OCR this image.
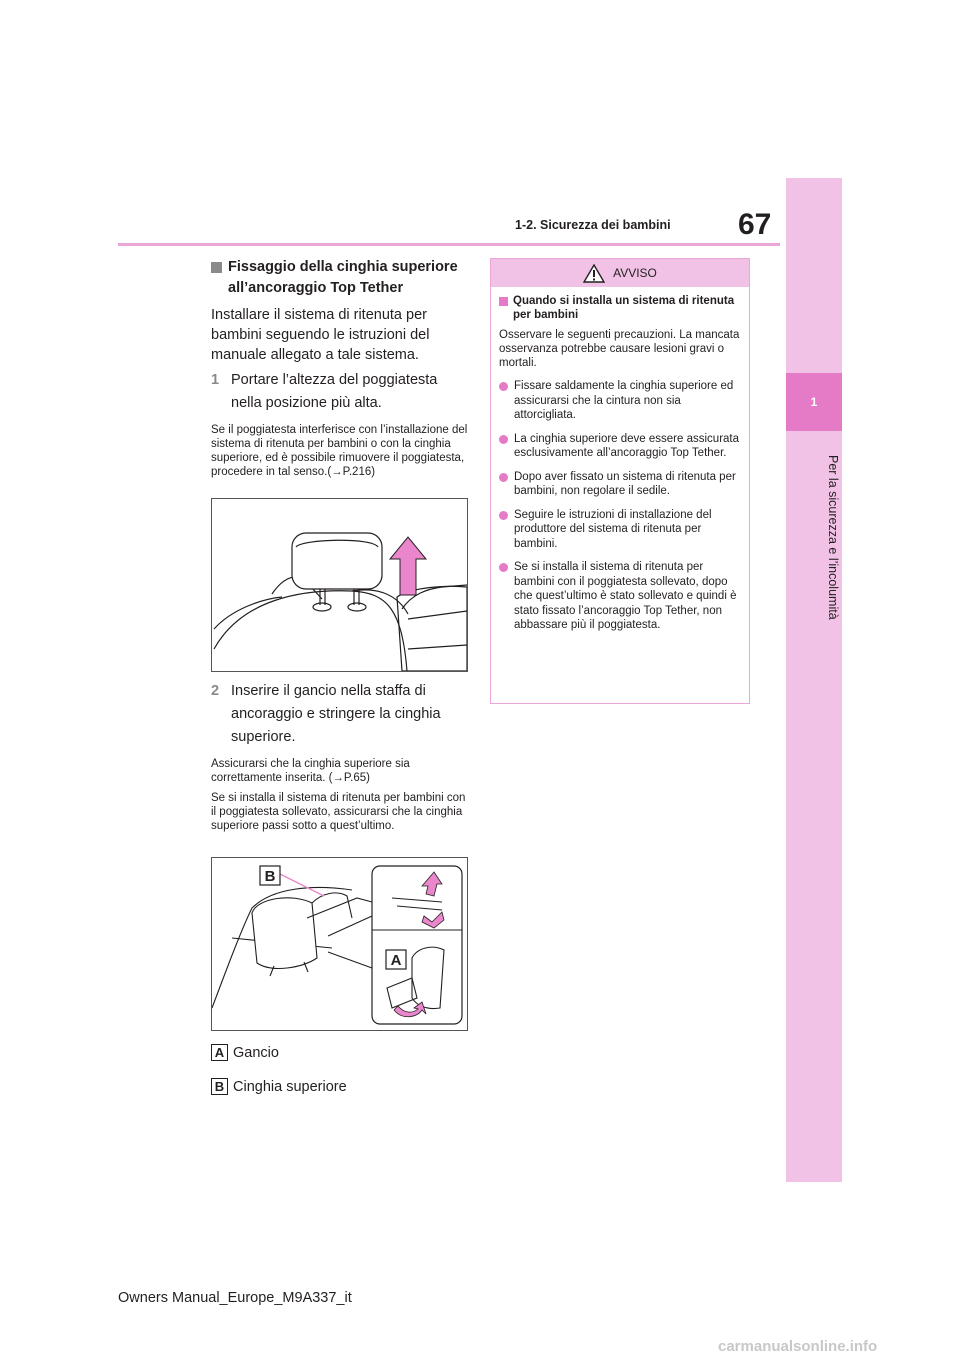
1-2. Sicurezza dei bambini 67
1
Per la sicurezza e l’incolumità
Fissaggio della cinghia superiore
all’ancoraggio Top Tether
Installare il sistema di ritenuta per bambini seguendo le istruzioni del manuale allegato a tale sistema.
1 Portare l’altezza del poggiatesta nella posizione più alta.
Se il poggiatesta interferisce con l’installazione del sistema di ritenuta per bambini o con la cinghia superiore, ed è possibile rimuovere il poggiatesta, procedere in tal senso.(→P.216)
2 Inserire il gancio nella staffa di ancoraggio e stringere la cinghia superiore.
Assicurarsi che la cinghia superiore sia correttamente inserita. (→P.65)
Se si installa il sistema di ritenuta per bambini con il poggiatesta sollevato, assicurarsi che la cinghia superiore passi sotto a quest’ultimo.
B
A
A Gancio
B Cinghia superiore
AVVISO
Quando si installa un sistema di ritenuta per bambini
Osservare le seguenti precauzioni. La mancata osservanza potrebbe causare lesioni gravi o mortali.
Fissare saldamente la cinghia superiore ed assicurarsi che la cintura non sia attorcigliata.
La cinghia superiore deve essere assicurata esclusivamente all’ancoraggio Top Tether.
Dopo aver fissato un sistema di ritenuta per bambini, non regolare il sedile.
Seguire le istruzioni di installazione del produttore del sistema di ritenuta per bambini.
Se si installa il sistema di ritenuta per bambini con il poggiatesta sollevato, dopo che quest’ultimo è stato sollevato e quindi è stato fissato l’ancoraggio Top Tether, non abbassare più il poggiatesta.
Owners Manual_Europe_M9A337_it
carmanualsonline.info
